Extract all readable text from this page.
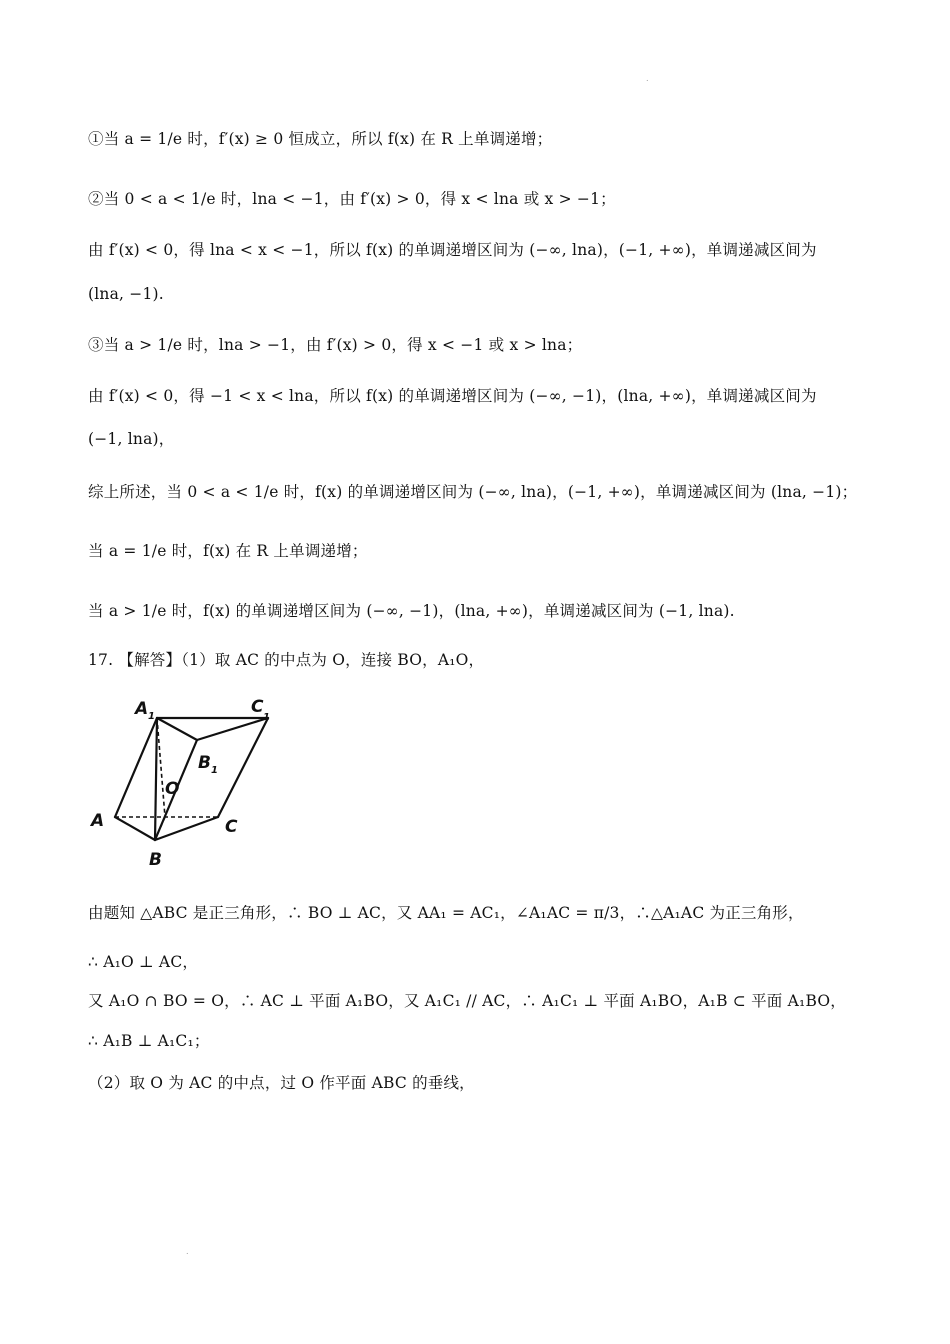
.
①当 a = 1/e 时，f′(x) ≥ 0 恒成立，所以 f(x) 在 R 上单调递增；
②当 0 < a < 1/e 时，lna < −1，由 f′(x) > 0，得 x < lna 或 x > −1；
由 f′(x) < 0，得 lna < x < −1，所以 f(x) 的单调递增区间为 (−∞, lna)，(−1, +∞)，单调递减区间为
(lna, −1).
③当 a > 1/e 时，lna > −1，由 f′(x) > 0，得 x < −1 或 x > lna；
由 f′(x) < 0，得 −1 < x < lna，所以 f(x) 的单调递增区间为 (−∞, −1)，(lna, +∞)，单调递减区间为
(−1, lna)，
综上所述，当 0 < a < 1/e 时，f(x) 的单调递增区间为 (−∞, lna)，(−1, +∞)，单调递减区间为 (lna, −1)；
当 a = 1/e 时，f(x) 在 R 上单调递增；
当 a > 1/e 时，f(x) 的单调递增区间为 (−∞, −1)，(lna, +∞)，单调递减区间为 (−1, lna).
17. 【解答】（1）取 AC 的中点为 O，连接 BO，A₁O，
A 1	C
1
B 1
O
A	C
B
由题知 △ABC 是正三角形，∴ BO ⊥ AC，又 AA₁ = AC₁，∠A₁AC = π/3，∴△A₁AC 为正三角形，
∴ A₁O ⊥ AC，
又 A₁O ∩ BO = O，∴ AC ⊥ 平面 A₁BO，又 A₁C₁ // AC，∴ A₁C₁ ⊥ 平面 A₁BO，A₁B ⊂ 平面 A₁BO，
∴ A₁B ⊥ A₁C₁；
（2）取 O 为 AC 的中点，过 O 作平面 ABC 的垂线，
.
